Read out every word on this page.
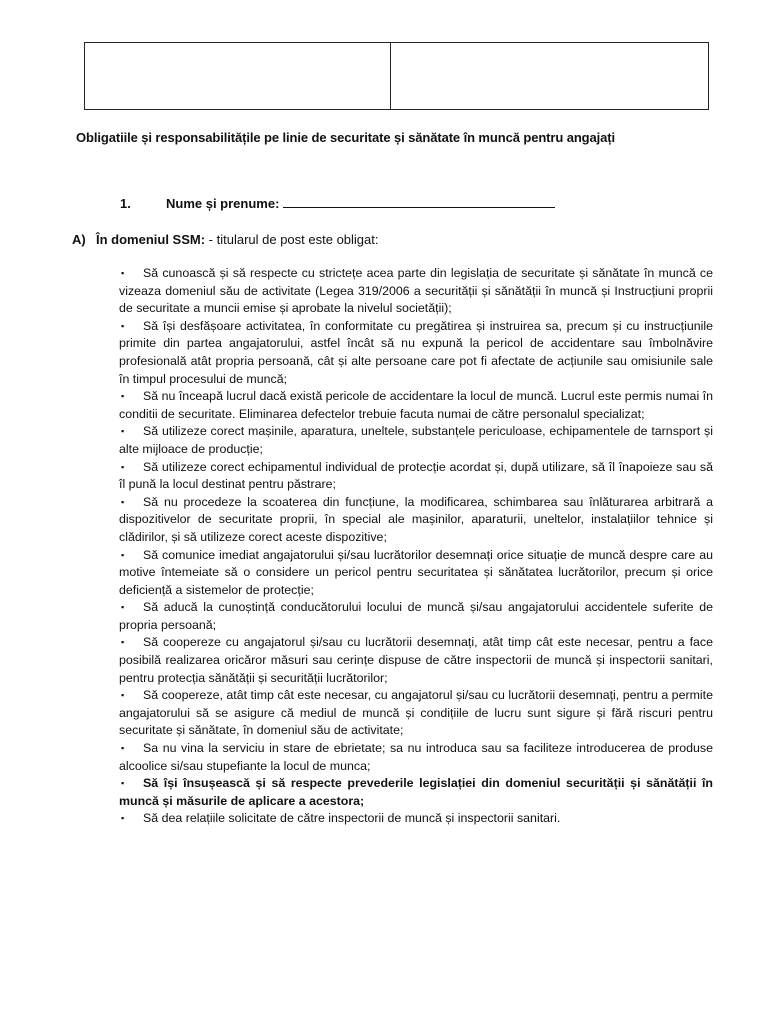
Obligatiile și responsabilitățile pe linie de securitate și sănătate în muncă pentru angajați
1.	Nume și prenume:
A) În domeniul SSM: - titularul de post este obligat:
▪ Să cunoască și să respecte cu strictețe acea parte din legislația de securitate și sănătate în muncă ce vizeaza domeniul său de activitate (Legea 319/2006 a securității și sănătății în muncă și Instrucțiuni proprii de securitate a muncii emise și aprobate la nivelul societății);
▪ Să își desfășoare activitatea, în conformitate cu pregătirea și instruirea sa, precum și cu instrucțiunile primite din partea angajatorului, astfel încât să nu expună la pericol de accidentare sau îmbolnăvire profesională atât propria persoană, cât și alte persoane care pot fi afectate de acțiunile sau omisiunile sale în timpul procesului de muncă;
▪ Să nu înceapă lucrul dacă există pericole de accidentare la locul de muncă. Lucrul este permis numai în conditii de securitate. Eliminarea defectelor trebuie facuta numai de către personalul specializat;
▪ Să utilizeze corect mașinile, aparatura, uneltele, substanțele periculoase, echipamentele de tarnsport și alte mijloace de producție;
▪ Să utilizeze corect echipamentul individual de protecție acordat și, după utilizare, să îl înapoieze sau să îl pună la locul destinat pentru păstrare;
▪ Să nu procedeze la scoaterea din funcțiune, la modificarea, schimbarea sau înlăturarea arbitrară a dispozitivelor de securitate proprii, în special ale mașinilor, aparaturii, uneltelor, instalațiilor tehnice și clădirilor, și să utilizeze corect aceste dispozitive;
▪ Să comunice imediat angajatorului și/sau lucrătorilor desemnați orice situație de muncă despre care au motive întemeiate să o considere un pericol pentru securitatea și sănătatea lucrătorilor, precum și orice deficiență a sistemelor de protecție;
▪ Să aducă la cunoștință conducătorului locului de muncă și/sau angajatorului accidentele suferite de propria persoană;
▪ Să coopereze cu angajatorul și/sau cu lucrătorii desemnați, atât timp cât este necesar, pentru a face posibilă realizarea oricăror măsuri sau cerințe dispuse de către inspectorii de muncă și inspectorii sanitari, pentru protecția sănătății și securității lucrătorilor;
▪ Să coopereze, atât timp cât este necesar, cu angajatorul și/sau cu lucrătorii desemnați, pentru a permite angajatorului să se asigure că mediul de muncă și condițiile de lucru sunt sigure și fără riscuri pentru securitate și sănătate, în domeniul său de activitate;
▪ Sa nu vina la serviciu in stare de ebrietate; sa nu introduca sau sa faciliteze introducerea de produse alcoolice si/sau stupefiante la locul de munca;
▪ Să își însușească și să respecte prevederile legislației din domeniul securității și sănătății în muncă și măsurile de aplicare a acestora;
▪ Să dea relațiile solicitate de către inspectorii de muncă și inspectorii sanitari.
